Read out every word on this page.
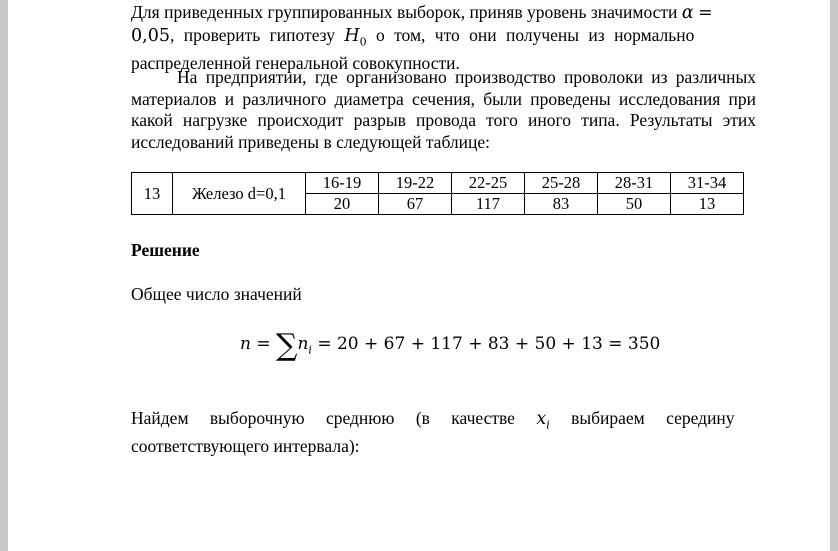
Для приведенных группированных выборок, приняв уровень значимости α =
0,05, проверить гипотезу $H_0$ о том, что они получены из нормально
распределенной генеральной совокупности.
На предприятии, где организовано производство проволоки из различных материалов и различного диаметра сечения, были проведены исследования при какой нагрузке происходит разрыв провода того иного типа. Результаты этих исследований приведены в следующей таблице:
13	Железо d=0,1	16-19	19-22	22-25	25-28	28-31	31-34
		20	67	117	83	50	13
Решение
Общее число значений
$n = \sum n_i = 20 + 67 + 117 + 83 + 50 + 13 = 350$
Найдем выборочную среднюю (в качестве $x_i$ выбираем середину
соответствующего интервала):
